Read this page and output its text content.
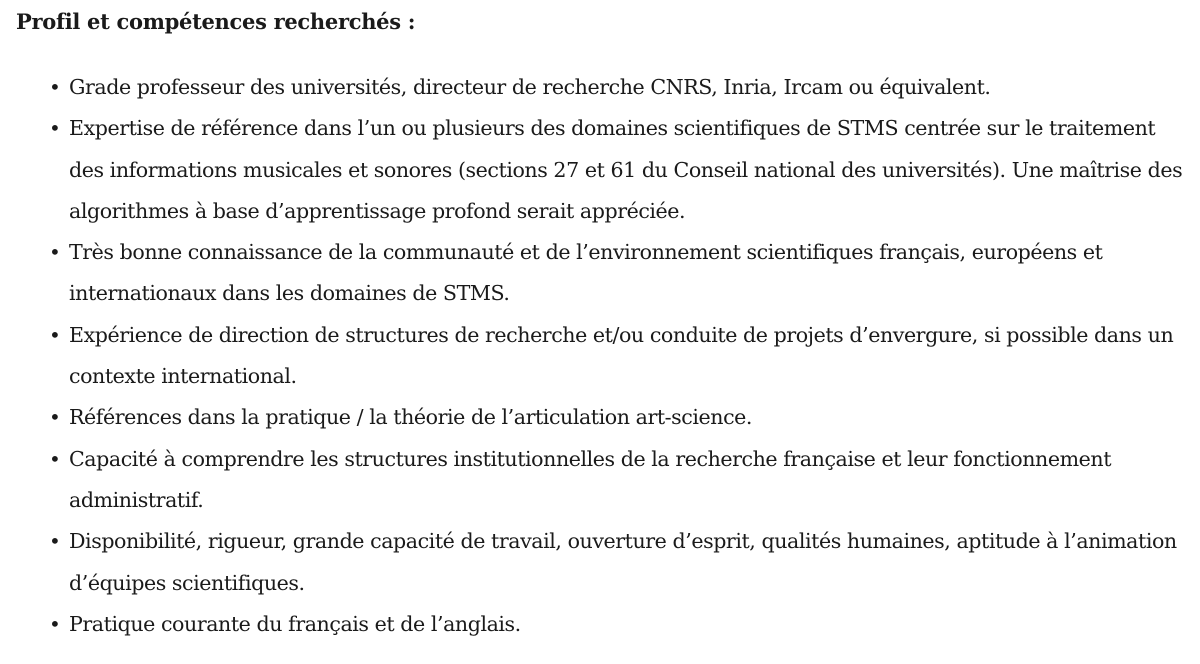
Profil et compétences recherchés :

• Grade professeur des universités, directeur de recherche CNRS, Inria, Ircam ou équivalent.
• Expertise de référence dans l’un ou plusieurs des domaines scientifiques de STMS centrée sur le traitement des informations musicales et sonores (sections 27 et 61 du Conseil national des universités). Une maîtrise des algorithmes à base d’apprentissage profond serait appréciée.
• Très bonne connaissance de la communauté et de l’environnement scientifiques français, européens et internationaux dans les domaines de STMS.
• Expérience de direction de structures de recherche et/ou conduite de projets d’envergure, si possible dans un contexte international.
• Références dans la pratique / la théorie de l’articulation art-science.
• Capacité à comprendre les structures institutionnelles de la recherche française et leur fonctionnement administratif.
• Disponibilité, rigueur, grande capacité de travail, ouverture d’esprit, qualités humaines, aptitude à l’animation d’équipes scientifiques.
• Pratique courante du français et de l’anglais.
